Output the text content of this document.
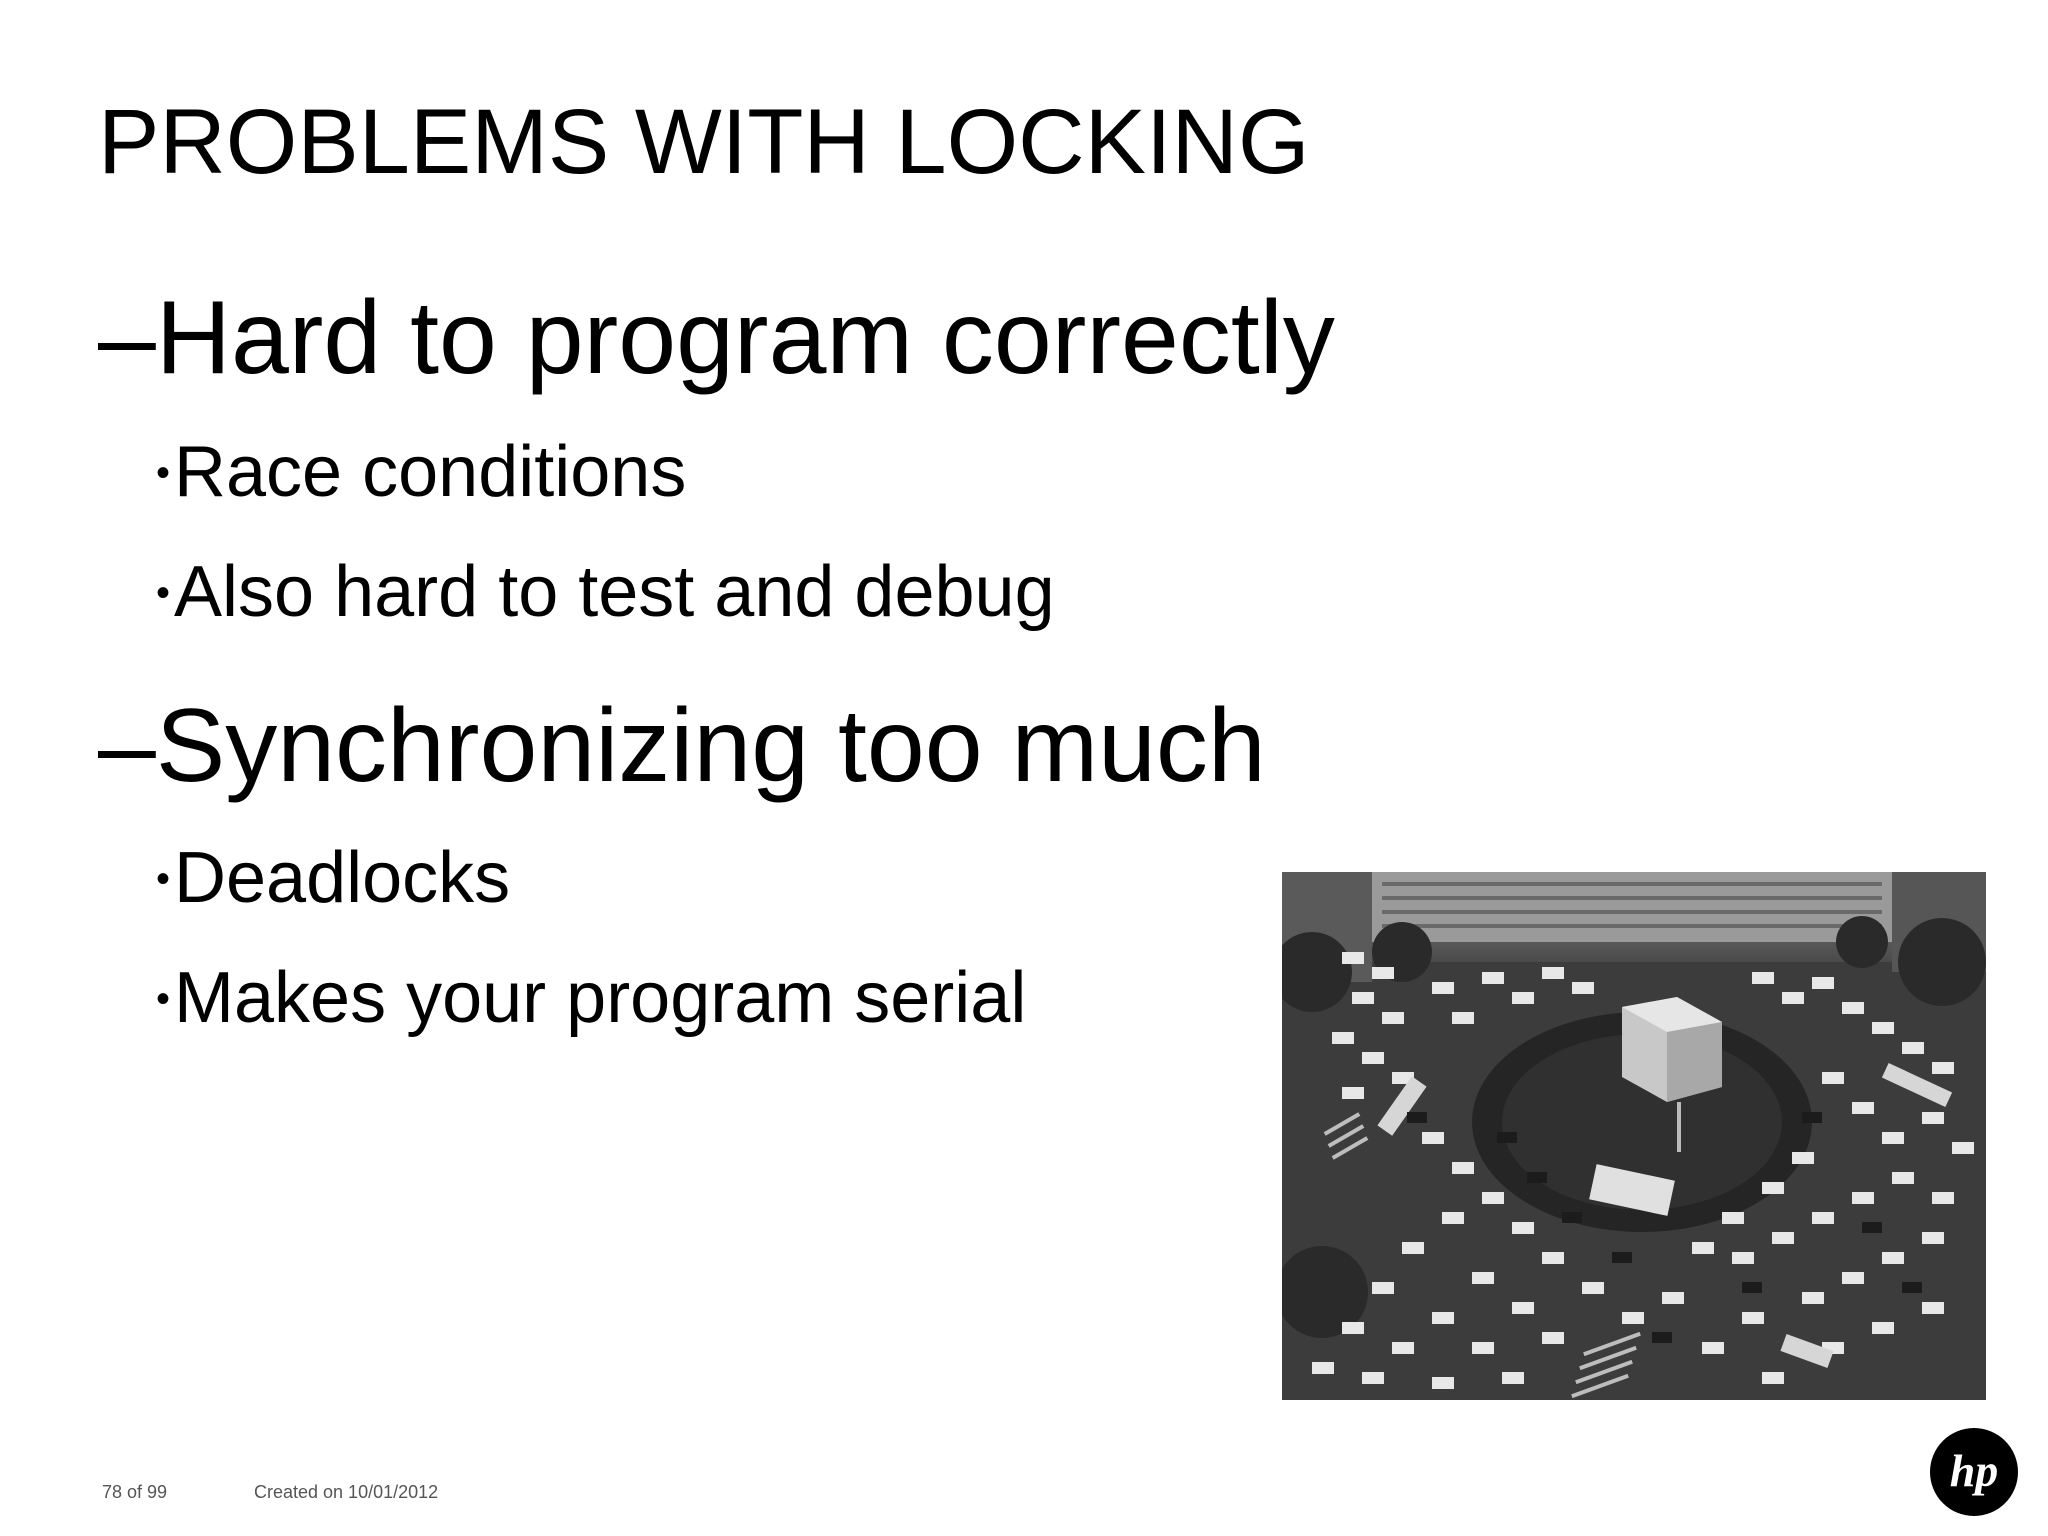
PROBLEMS WITH LOCKING
–Hard to program correctly
•Race conditions
•Also hard to test and debug
–Synchronizing too much
•Deadlocks
•Makes your program serial
78 of 99	Created on 10/01/2012	hp
